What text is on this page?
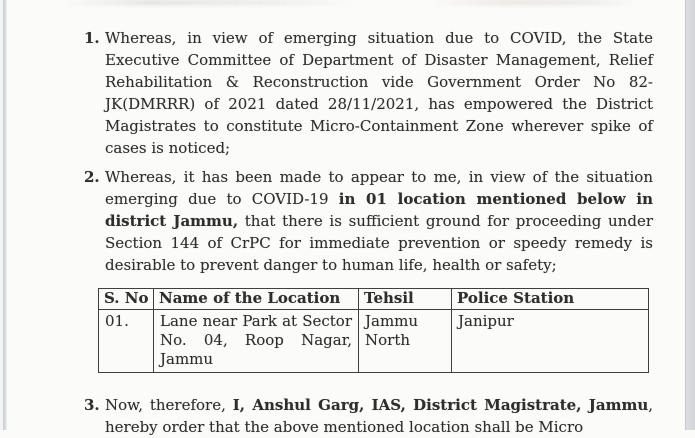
1. Whereas, in view of emerging situation due to COVID, the State Executive Committee of Department of Disaster Management, Relief Rehabilitation & Reconstruction vide Government Order No 82-JK(DMRRR) of 2021 dated 28/11/2021, has empowered the District Magistrates to constitute Micro-Containment Zone wherever spike of cases is noticed;
2. Whereas, it has been made to appear to me, in view of the situation emerging due to COVID-19 in 01 location mentioned below in district Jammu, that there is sufficient ground for proceeding under Section 144 of CrPC for immediate prevention or speedy remedy is desirable to prevent danger to human life, health or safety;
S. No	Name of the Location	Tehsil	Police Station
01.	Lane near Park at Sector No. 04, Roop Nagar, Jammu	Jammu North	Janipur
3. Now, therefore, I, Anshul Garg, IAS, District Magistrate, Jammu, hereby order that the above mentioned location shall be Micro
